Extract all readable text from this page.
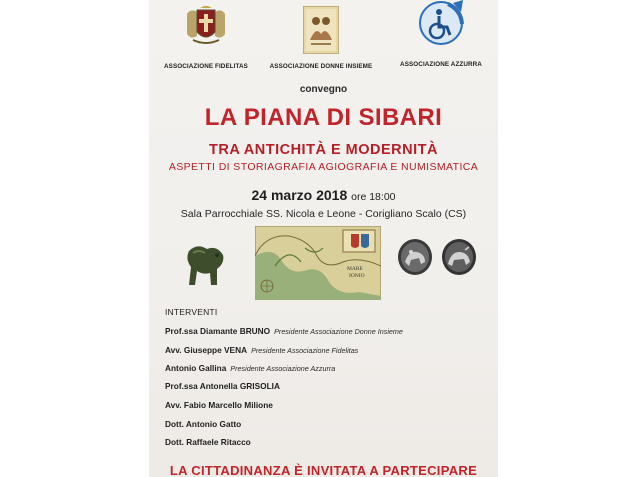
ASSOCIAZIONE FIDELITAS	ASSOCIAZIONE DONNE INSIEME	ASSOCIAZIONE AZZURRA
convegno
LA PIANA DI SIBARI
TRA ANTICHITÀ E MODERNITÀ
ASPETTI DI STORIAGRAFIA AGIOGRAFIA E NUMISMATICA
24 marzo 2018 ore 18:00
Sala Parrocchiale SS. Nicola e Leone - Corigliano Scalo (CS)
MARE
IONIO
INTERVENTI
Prof.ssa Diamante BRUNO Presidente Associazione Donne Insieme
Avv. Giuseppe VENA Presidente Associazione Fidelitas
Antonio Gallina Presidente Associazione Azzurra
Prof.ssa Antonella GRISOLIA
Avv. Fabio Marcello Milione
Dott. Antonio Gatto
Dott. Raffaele Ritacco
LA CITTADINANZA È INVITATA A PARTECIPARE
